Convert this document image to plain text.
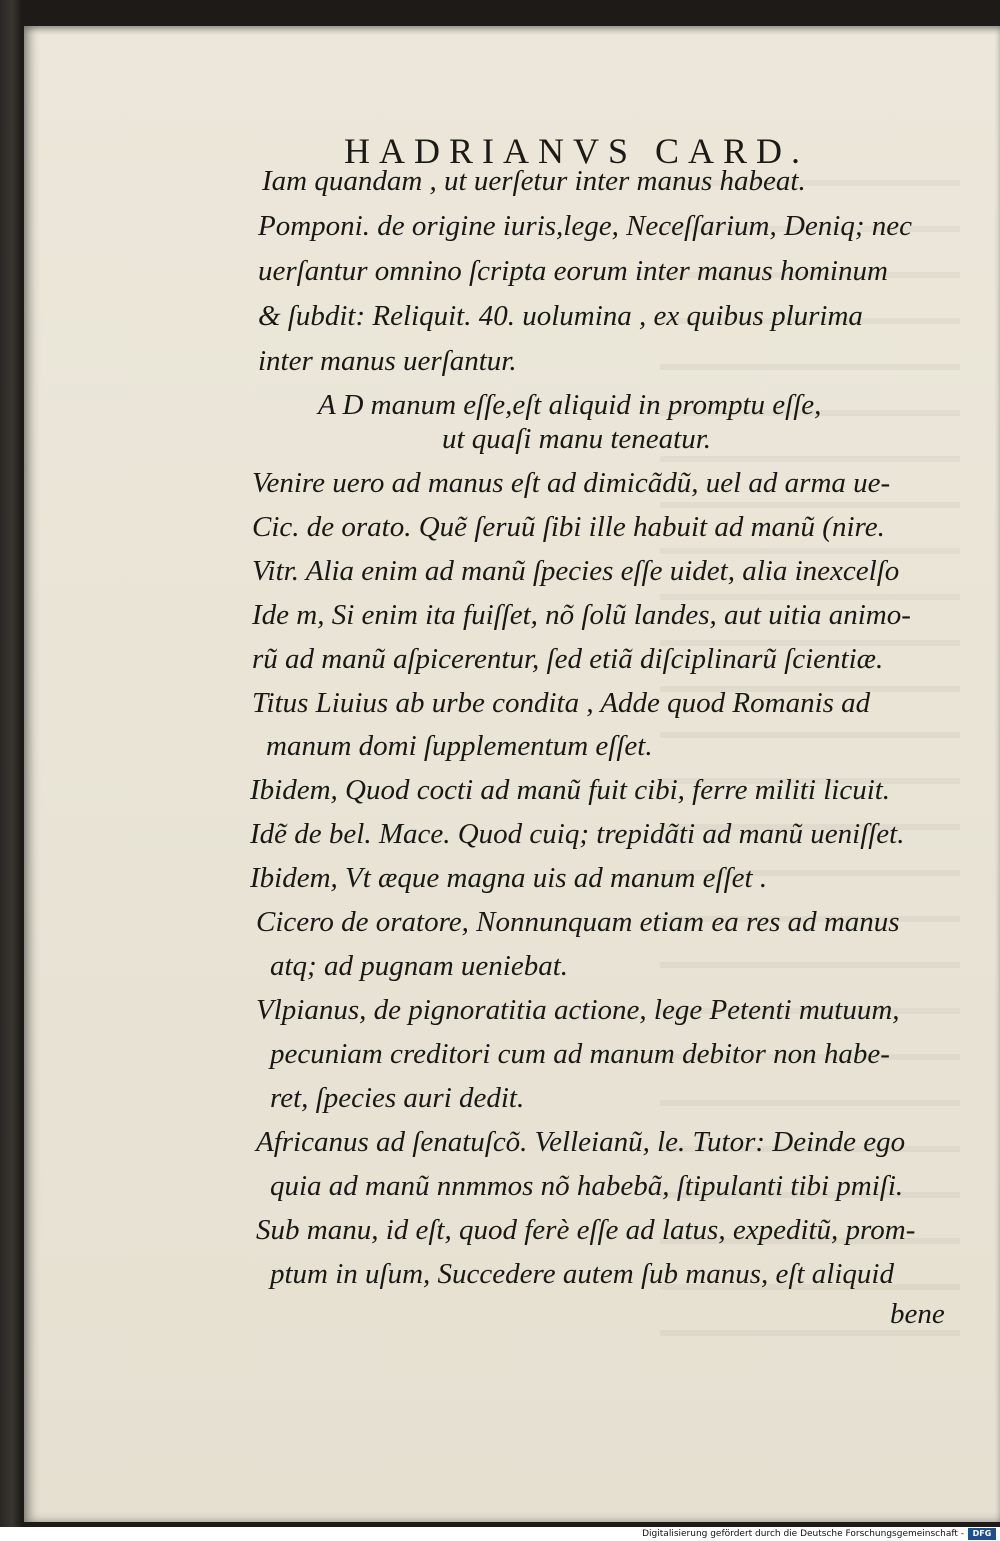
HADRIANVS CARD.
Iam quandam , ut uerſetur inter manus habeat.
Pomponi. de origine iuris,lege, Neceſſarium, Deniq; nec
uerſantur omnino ſcripta eorum inter manus hominum
& ſubdit: Reliquit. 40. uolumina , ex quibus plurima
inter manus uerſantur.
A D manum eſſe,eſt aliquid in promptu eſſe,
ut quaſi manu teneatur.
Venire uero ad manus eſt ad dimicãdũ, uel ad arma ue-
Cic. de orato. Quẽ ſeruũ ſibi ille habuit ad manũ (nire.
Vitr. Alia enim ad manũ ſpecies eſſe uidet, alia inexcelſo
Ide m, Si enim ita fuiſſet, nõ ſolũ landes, aut uitia animo-
rũ ad manũ aſpicerentur, ſed etiã diſciplinarũ ſcientiæ.
Titus Liuius ab urbe condita , Adde quod Romanis ad
manum domi ſupplementum eſſet.
Ibidem, Quod cocti ad manũ fuit cibi, ferre militi licuit.
Idẽ de bel. Mace. Quod cuiq; trepidãti ad manũ ueniſſet.
Ibidem, Vt æque magna uis ad manum eſſet .
Cicero de oratore, Nonnunquam etiam ea res ad manus
atq; ad pugnam ueniebat.
Vlpianus, de pignoratitia actione, lege Petenti mutuum,
pecuniam creditori cum ad manum debitor non habe-
ret, ſpecies auri dedit.
Africanus ad ſenatuſcõ. Velleianũ, le. Tutor: Deinde ego
quia ad manũ nnmmos nõ habebã, ſtipulanti tibi pmiſi.
Sub manu, id eſt, quod ferè eſſe ad latus, expeditũ, prom-
ptum in uſum, Succedere autem ſub manus, eſt aliquid
bene
Digitalisierung gefördert durch die Deutsche Forschungsgemeinschaft -	DFG
